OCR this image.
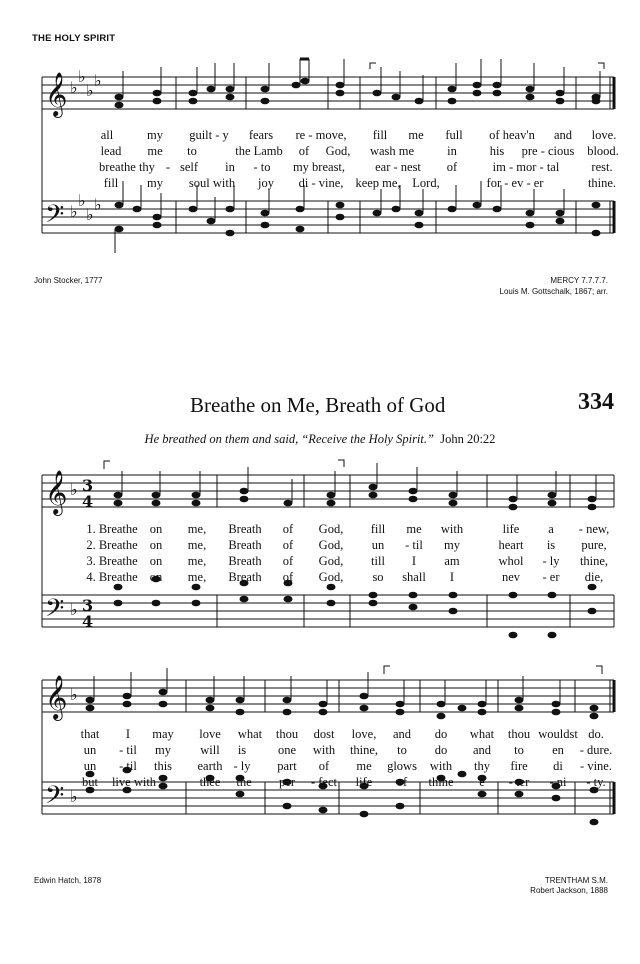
THE HOLY SPIRIT
𝄞
𝄢
♭
♭
♭
♭
♭
♭
♭
♭
all	my guilt - y fears re - move, fill me full of heav'n and love.
lead me to	the Lamb of God, wash me	in	his pre - cious blood.
breathe thy - self in - to my breast, ear - nest of	im - mor - tal	rest.
fill my soul with joy di - vine, keep me, Lord,	for - ev - er	thine.
John Stocker, 1777	MERCY 7.7.7.7.
Louis M. Gottschalk, 1867; arr.
Breathe on Me, Breath of God	334
He breathed on them and said, “Receive the Holy Spirit.” John 20:22
𝄞
𝄢
♭
♭
3
4
3
4
1. Breathe on me, Breath of God, fill me with	life a - new,
2. Breathe on me, Breath of God, un - til my	heart is pure,
3. Breathe on me, Breath of God, till I am	whol - ly thine,
4. Breathe on me, Breath of God, so shall I	nev - er die,
𝄞
𝄢
♭
♭
that I may love what thou dost love, and do what thou wouldst do.
un - til my will is	one with thine, to do and to en - dure.
un - til this earth - ly part of me glows with thy fire di - vine.
but live with	thee the per - fect life of thine e - ter - ni - ty.
Edwin Hatch, 1878	TRENTHAM S.M.
Robert Jackson, 1888
